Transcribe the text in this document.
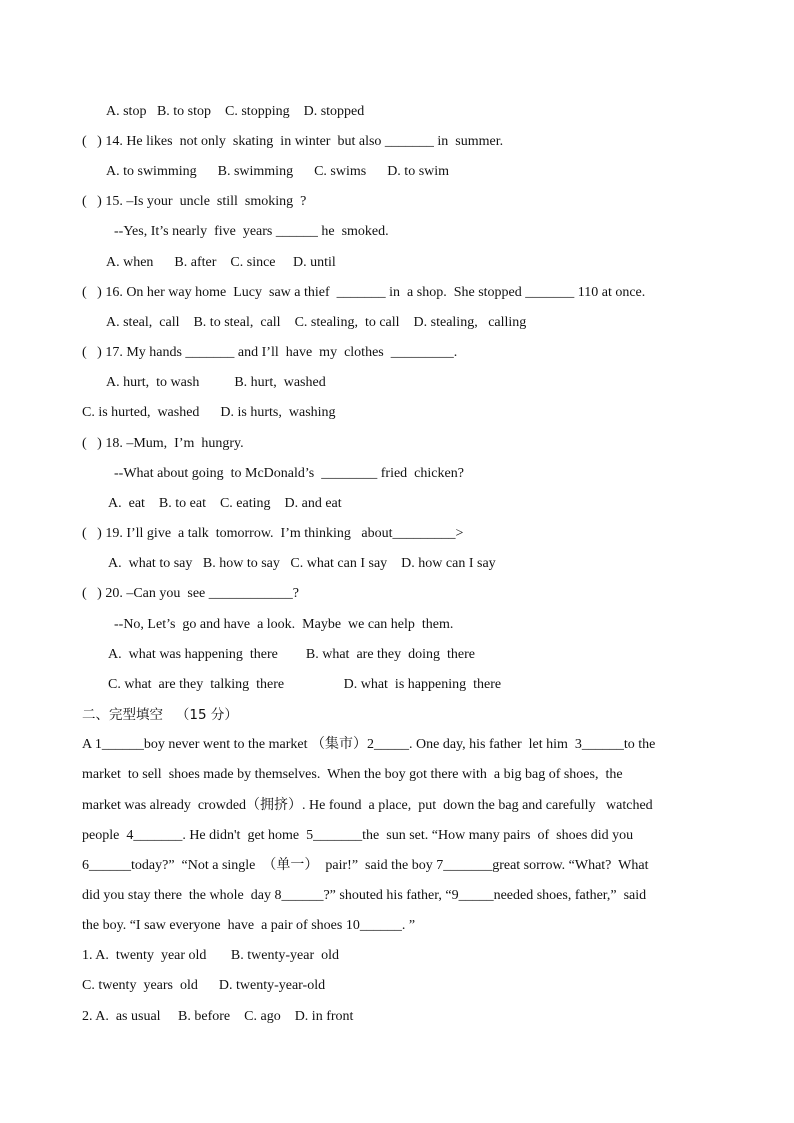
A. stop   B. to stop    C. stopping    D. stopped
(   ) 14. He likes  not only  skating  in winter  but also _______ in  summer.
A. to swimming      B. swimming      C. swims      D. to swim
(   ) 15. –Is your  uncle  still  smoking  ?
--Yes, It’s nearly  five  years ______ he  smoked.
A. when      B. after    C. since     D. until
(   ) 16. On her way home  Lucy  saw a thief  _______ in  a shop.  She stopped _______ 110 at once.
A. steal,  call    B. to steal,  call    C. stealing,  to call    D. stealing,   calling
(   ) 17. My hands _______ and I’ll  have  my  clothes  _________.
A. hurt,  to wash          B. hurt,  washed
C. is hurted,  washed      D. is hurts,  washing
(   ) 18. –Mum,  I’m  hungry.
--What about going  to McDonald’s  ________ fried  chicken?
A.  eat    B. to eat    C. eating    D. and eat
(   ) 19. I’ll give  a talk  tomorrow.  I’m thinking   about_________>
A.  what to say   B. how to say   C. what can I say    D. how can I say
(   ) 20. –Can you  see ____________?
--No, Let’s  go and have  a look.  Maybe  we can help  them.
A.  what was happening  there        B. what  are they  doing  there
C. what  are they  talking  there                 D. what  is happening  there
二、完型填空   （15 分）
A 1______boy never went to the market （集市）2_____. One day, his father  let him  3______to the
market  to sell  shoes made by themselves.  When the boy got there with  a big bag of shoes,  the
market was already  crowded（拥挤）. He found  a place,  put  down the bag and carefully   watched
people  4_______. He didn't  get home  5_______the  sun set. “How many pairs  of  shoes did you
6______today?”  “Not a single  （单一）  pair!”  said the boy 7_______great sorrow. “What?  What
did you stay there  the whole  day 8______?” shouted his father, “9_____needed shoes, father,”  said
the boy. “I saw everyone  have  a pair of shoes 10______. ”
1. A.  twenty  year old       B. twenty-year  old
C. twenty  years  old      D. twenty-year-old
2. A.  as usual     B. before    C. ago    D. in front
